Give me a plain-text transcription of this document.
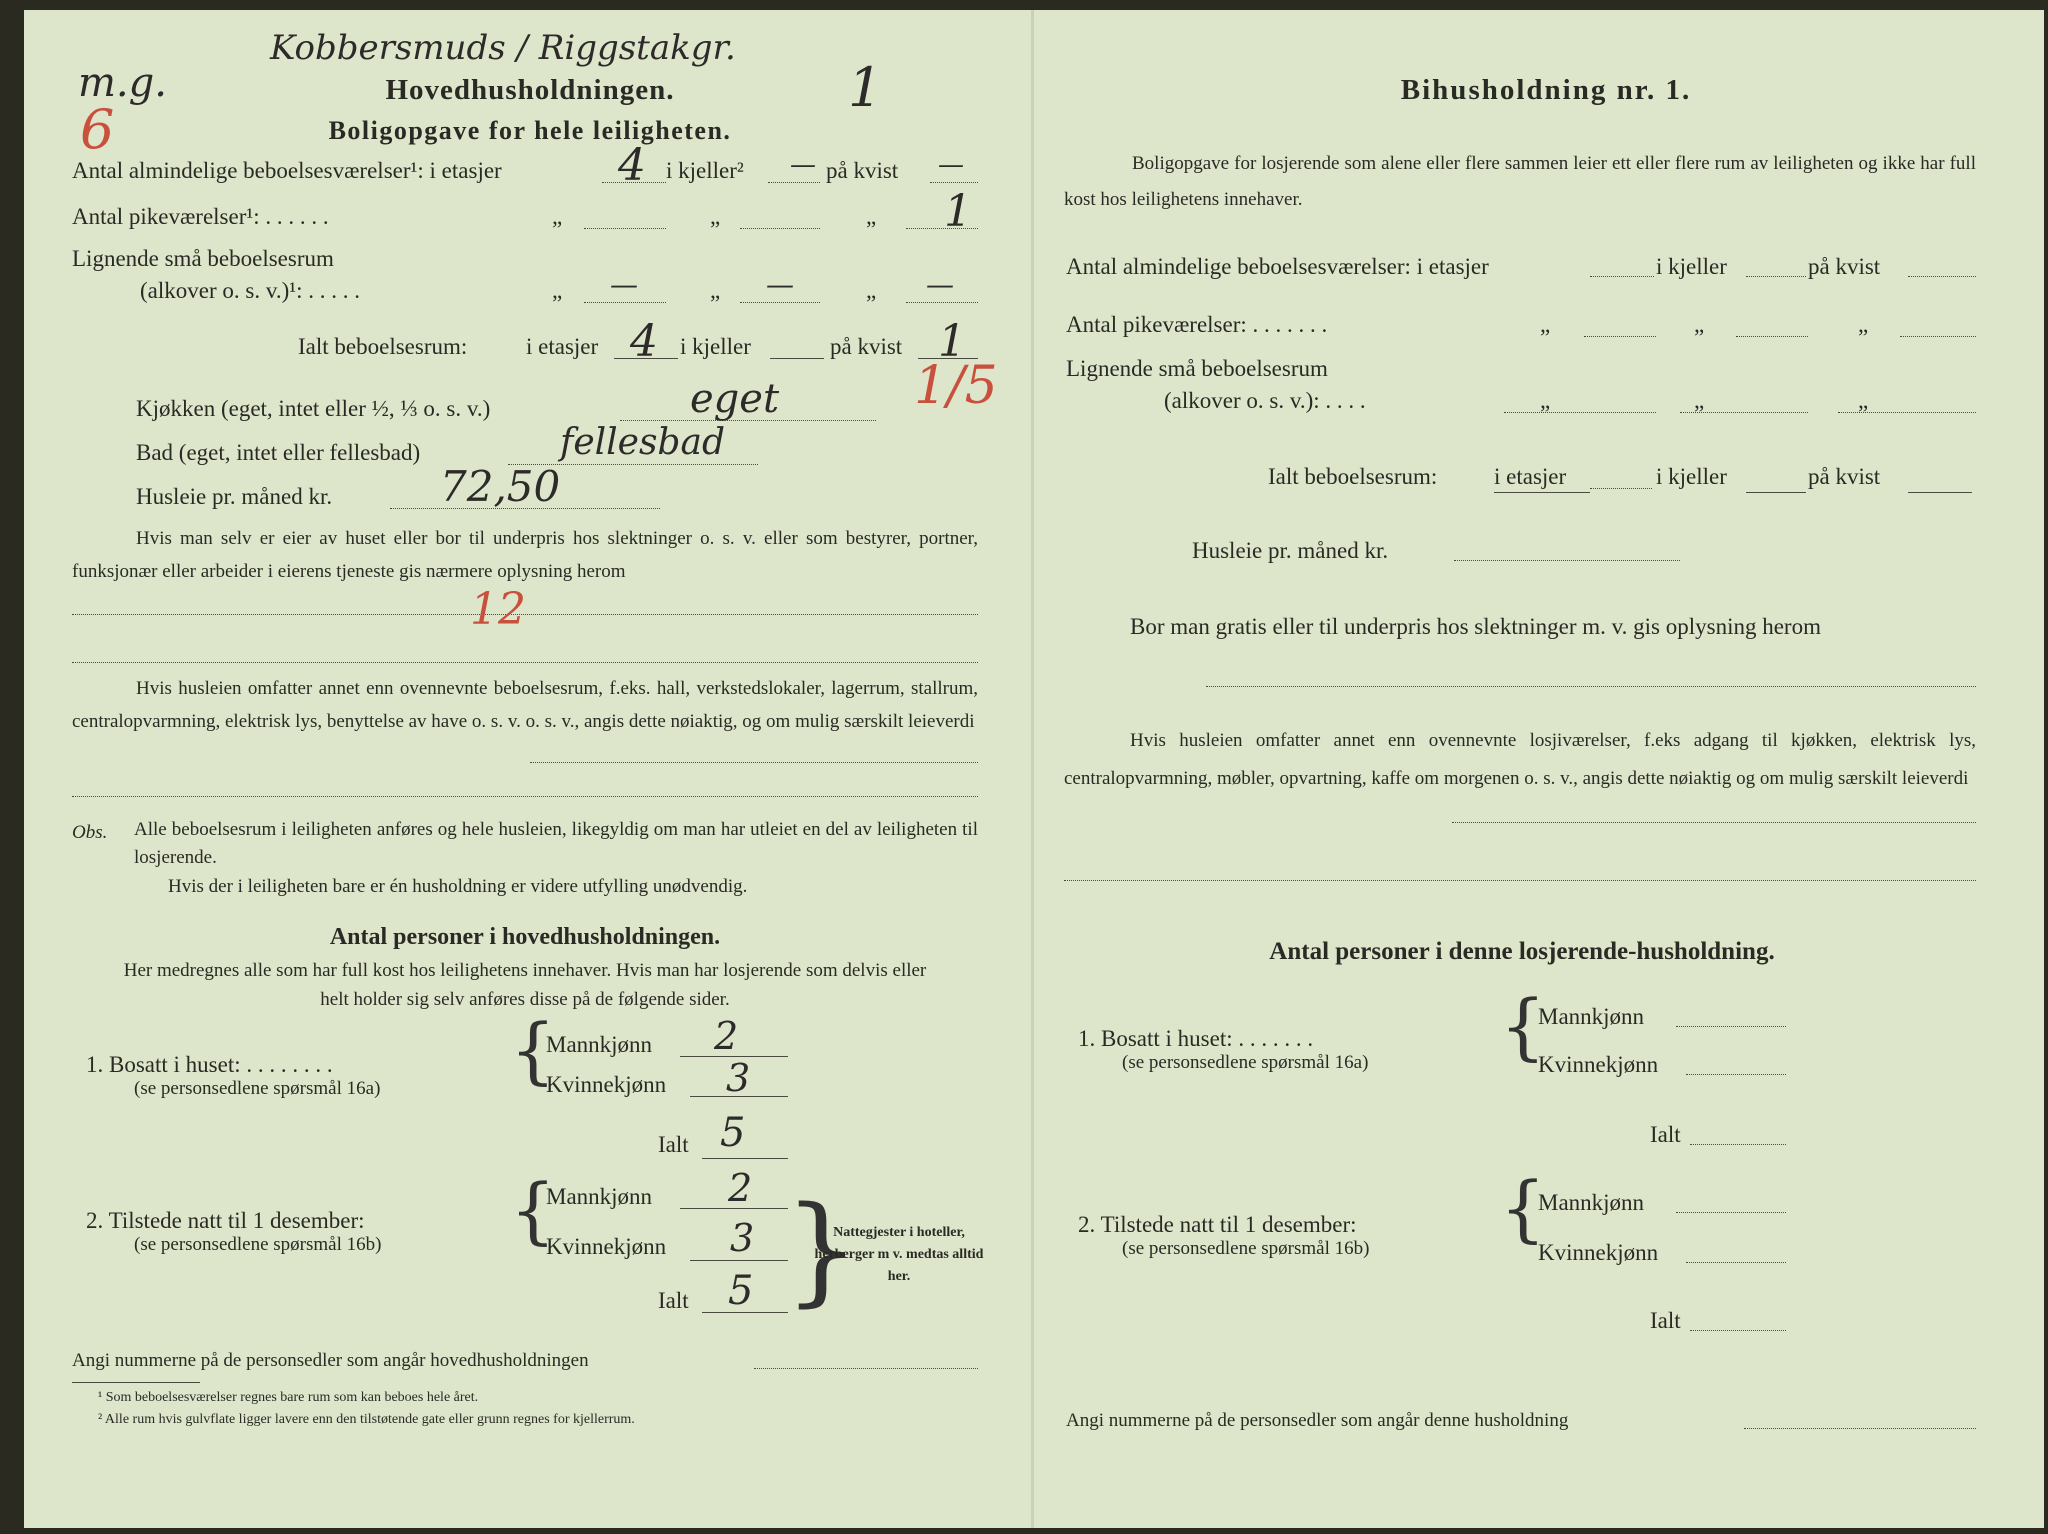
m.g.
6
Kobbersmuds / Riggstakgr.
1
Hovedhusholdningen.
Boligopgave for hele leiligheten.
Antal almindelige beboelsesværelser¹: i etasjer	4 i kjeller² — på kvist —
Antal pikeværelser¹: . . . . . .	„	„	„ 1
Lignende små beboelsesrum
(alkover o. s. v.)¹: . . . . .	„ —	„ —	„ —
Ialt beboelsesrum:	i etasjer 4 i kjeller	på kvist 1
1/5
Kjøkken (eget, intet eller ½, ⅓ o. s. v.)	eget
Bad (eget, intet eller fellesbad)	fellesbad
Husleie pr. måned kr.	72,50
Hvis man selv er eier av huset eller bor til underpris hos slektninger o. s. v. eller som bestyrer, portner, funksjonær eller arbeider i eierens tjeneste gis nærmere oplysning herom
12
Hvis husleien omfatter annet enn ovennevnte beboelsesrum, f.eks. hall, verkstedslokaler, lagerrum, stallrum, centralopvarmning, elektrisk lys, benyttelse av have o. s. v. o. s. v., angis dette nøiaktig, og om mulig særskilt leieverdi
Obs. Alle beboelsesrum i leiligheten anføres og hele husleien, likegyldig om man har utleiet en del av leiligheten til losjerende.
Hvis der i leiligheten bare er én husholdning er videre utfylling unødvendig.
Antal personer i hovedhusholdningen.
Her medregnes alle som har full kost hos leilighetens innehaver. Hvis man har losjerende som delvis eller helt holder sig selv anføres disse på de følgende sider.
1. Bosatt i huset: . . . . . . . .
(se personsedlene spørsmål 16a) {
Mannkjønn 2
Kvinnekjønn 3
Ialt 5
2. Tilstede natt til 1 desember:
(se personsedlene spørsmål 16b) {
Mannkjønn 2
Kvinnekjønn 3
Ialt 5 }
Nattegjester i hoteller, herberger m v. medtas alltid her.
Angi nummerne på de personsedler som angår hovedhusholdningen
¹ Som beboelsesværelser regnes bare rum som kan beboes hele året.
² Alle rum hvis gulvflate ligger lavere enn den tilstøtende gate eller grunn regnes for kjellerrum.
Bihusholdning nr. 1.
Boligopgave for losjerende som alene eller flere sammen leier ett eller flere rum av leiligheten og ikke har full kost hos leilighetens innehaver.
Antal almindelige beboelsesværelser: i etasjer	i kjeller	på kvist
Antal pikeværelser: . . . . . . .	„	„	„
Lignende små beboelsesrum
(alkover o. s. v.): . . . .	„	„	„
Ialt beboelsesrum: i etasjer	i kjeller	på kvist
Husleie pr. måned kr.
Bor man gratis eller til underpris hos slektninger m. v. gis oplysning herom
Hvis husleien omfatter annet enn ovennevnte losjiværelser, f.eks adgang til kjøkken, elektrisk lys, centralopvarmning, møbler, opvartning, kaffe om morgenen o. s. v., angis dette nøiaktig og om mulig særskilt leieverdi
Antal personer i denne losjerende-husholdning.
1. Bosatt i huset: . . . . . . .
(se personsedlene spørsmål 16a) {
Mannkjønn
Kvinnekjønn
Ialt
2. Tilstede natt til 1 desember:
(se personsedlene spørsmål 16b) {
Mannkjønn
Kvinnekjønn
Ialt
Angi nummerne på de personsedler som angår denne husholdning
